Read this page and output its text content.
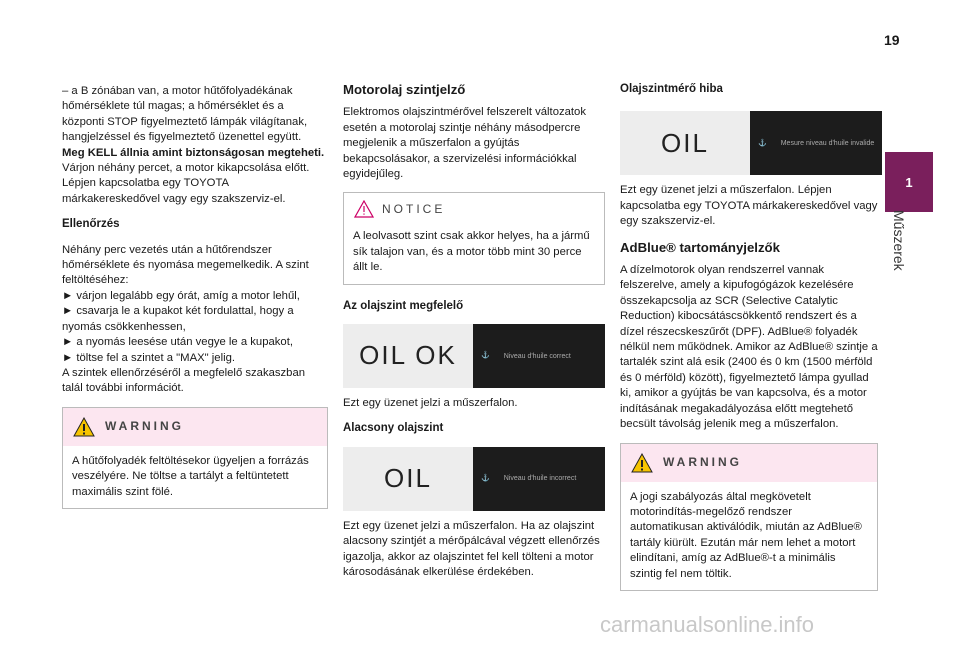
19
1
Műszerek

– a B zónában van, a motor hűtőfolyadékának hőmérséklete túl magas; a hőmérséklet és a központi STOP figyelmeztető lámpák világítanak, hangjelzéssel és figyelmeztető üzenettel együtt.

Meg KELL állnia amint biztonságosan megteheti.

Várjon néhány percet, a motor kikapcsolása előtt. Lépjen kapcsolatba egy TOYOTA márkakereskedővel vagy egy szakszerviz-el.

Ellenőrzés

Néhány perc vezetés után a hűtőrendszer hőmérséklete és nyomása megemelkedik. A szint feltöltéséhez:

► várjon legalább egy órát, amíg a motor lehűl,
► csavarja le a kupakot két fordulattal, hogy a nyomás csökkenhessen,
► a nyomás leesése után vegye le a kupakot,
► töltse fel a szintet a "MAX" jelig.

A szintek ellenőrzéséről a megfelelő szakaszban talál további információt.

WARNING
A hűtőfolyadék feltöltésekor ügyeljen a forrázás veszélyére. Ne töltse a tartályt a feltüntetett maximális szint fölé.
Motorolaj szintjelző

Elektromos olajszintmérővel felszerelt változatok esetén a motorolaj szintje néhány másodpercre megjelenik a műszerfalon a gyújtás bekapcsolásakor, a szervizelési információkkal egyidejűleg.

NOTICE
A leolvasott szint csak akkor helyes, ha a jármű sík talajon van, és a motor több mint 30 perce állt le.
Az olajszint megfelelő
OIL OK	⚓ Niveau d'huile correct

Ezt egy üzenet jelzi a műszerfalon.

Alacsony olajszint
OIL	⚓ Niveau d'huile incorrect

Ezt egy üzenet jelzi a műszerfalon. Ha az olajszint alacsony szintjét a mérőpálcával végzett ellenőrzés igazolja, akkor az olajszintet fel kell tölteni a motor károsodásának elkerülése érdekében.

Olajszintmérő hiba
OIL	⚓ Mesure niveau d'huile invalide

Ezt egy üzenet jelzi a műszerfalon. Lépjen kapcsolatba egy TOYOTA márkakereskedővel vagy egy szakszerviz-el.

AdBlue® tartományjelzők

A dízelmotorok olyan rendszerrel vannak felszerelve, amely a kipufogógázok kezelésére összekapcsolja az SCR (Selective Catalytic Reduction) kibocsátáscsökkentő rendszert és a dízel részecskeszűrőt (DPF). AdBlue® folyadék nélkül nem működnek. Amikor az AdBlue® szintje a tartalék szint alá esik (2400 és 0 km (1500 mérföld és 0 mérföld) között), figyelmeztető lámpa gyullad ki, amikor a gyújtás be van kapcsolva, és a motor indításának megakadályozása előtt megtehető becsült távolság jelenik meg a műszerfalon.

WARNING
A jogi szabályozás által megkövetelt motorindítás-megelőző rendszer automatikusan aktiválódik, miután az AdBlue® tartály kiürült. Ezután már nem lehet a motort elindítani, amíg az AdBlue®-t a minimális szintig fel nem töltik.
carmanualsonline.info
